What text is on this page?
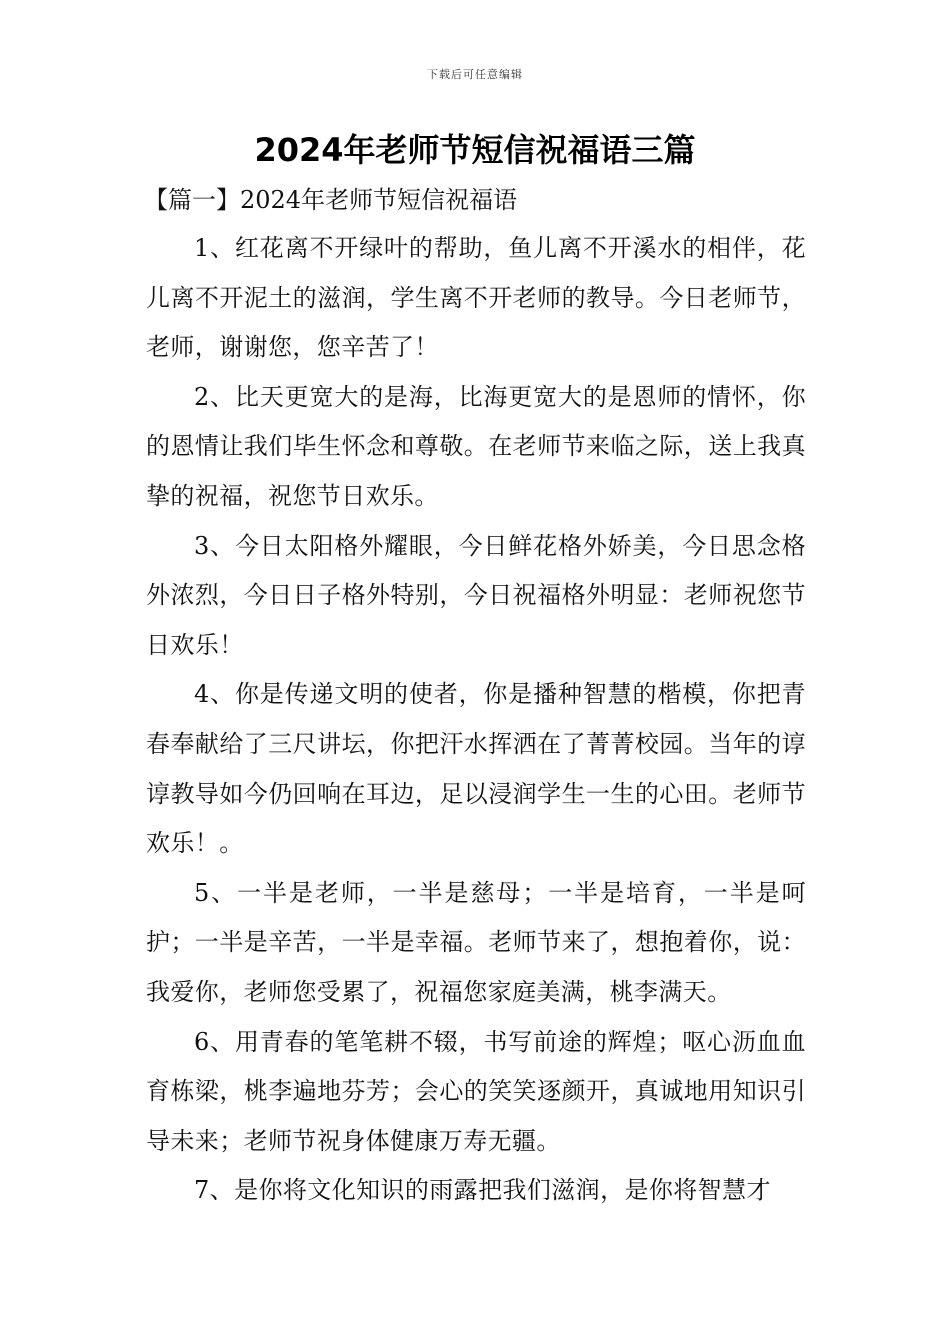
下载后可任意编辑
2024年老师节短信祝福语三篇
【篇一】2024年老师节短信祝福语

1、红花离不开绿叶的帮助，鱼儿离不开溪水的相伴，花儿离不开泥土的滋润，学生离不开老师的教导。今日老师节，老师，谢谢您，您辛苦了！

2、比天更宽大的是海，比海更宽大的是恩师的情怀，你的恩情让我们毕生怀念和尊敬。在老师节来临之际，送上我真挚的祝福，祝您节日欢乐。

3、今日太阳格外耀眼，今日鲜花格外娇美，今日思念格外浓烈，今日日子格外特别，今日祝福格外明显：老师祝您节日欢乐！

4、你是传递文明的使者，你是播种智慧的楷模，你把青春奉献给了三尺讲坛，你把汗水挥洒在了菁菁校园。当年的谆谆教导如今仍回响在耳边，足以浸润学生一生的心田。老师节欢乐！。

5、一半是老师，一半是慈母；一半是培育，一半是呵护；一半是辛苦，一半是幸福。老师节来了，想抱着你，说：我爱你，老师您受累了，祝福您家庭美满，桃李满天。

6、用青春的笔笔耕不辍，书写前途的辉煌；呕心沥血血育栋梁，桃李遍地芬芳；会心的笑笑逐颜开，真诚地用知识引导未来；老师节祝身体健康万寿无疆。

7、是你将文化知识的雨露把我们滋润，是你将智慧才
